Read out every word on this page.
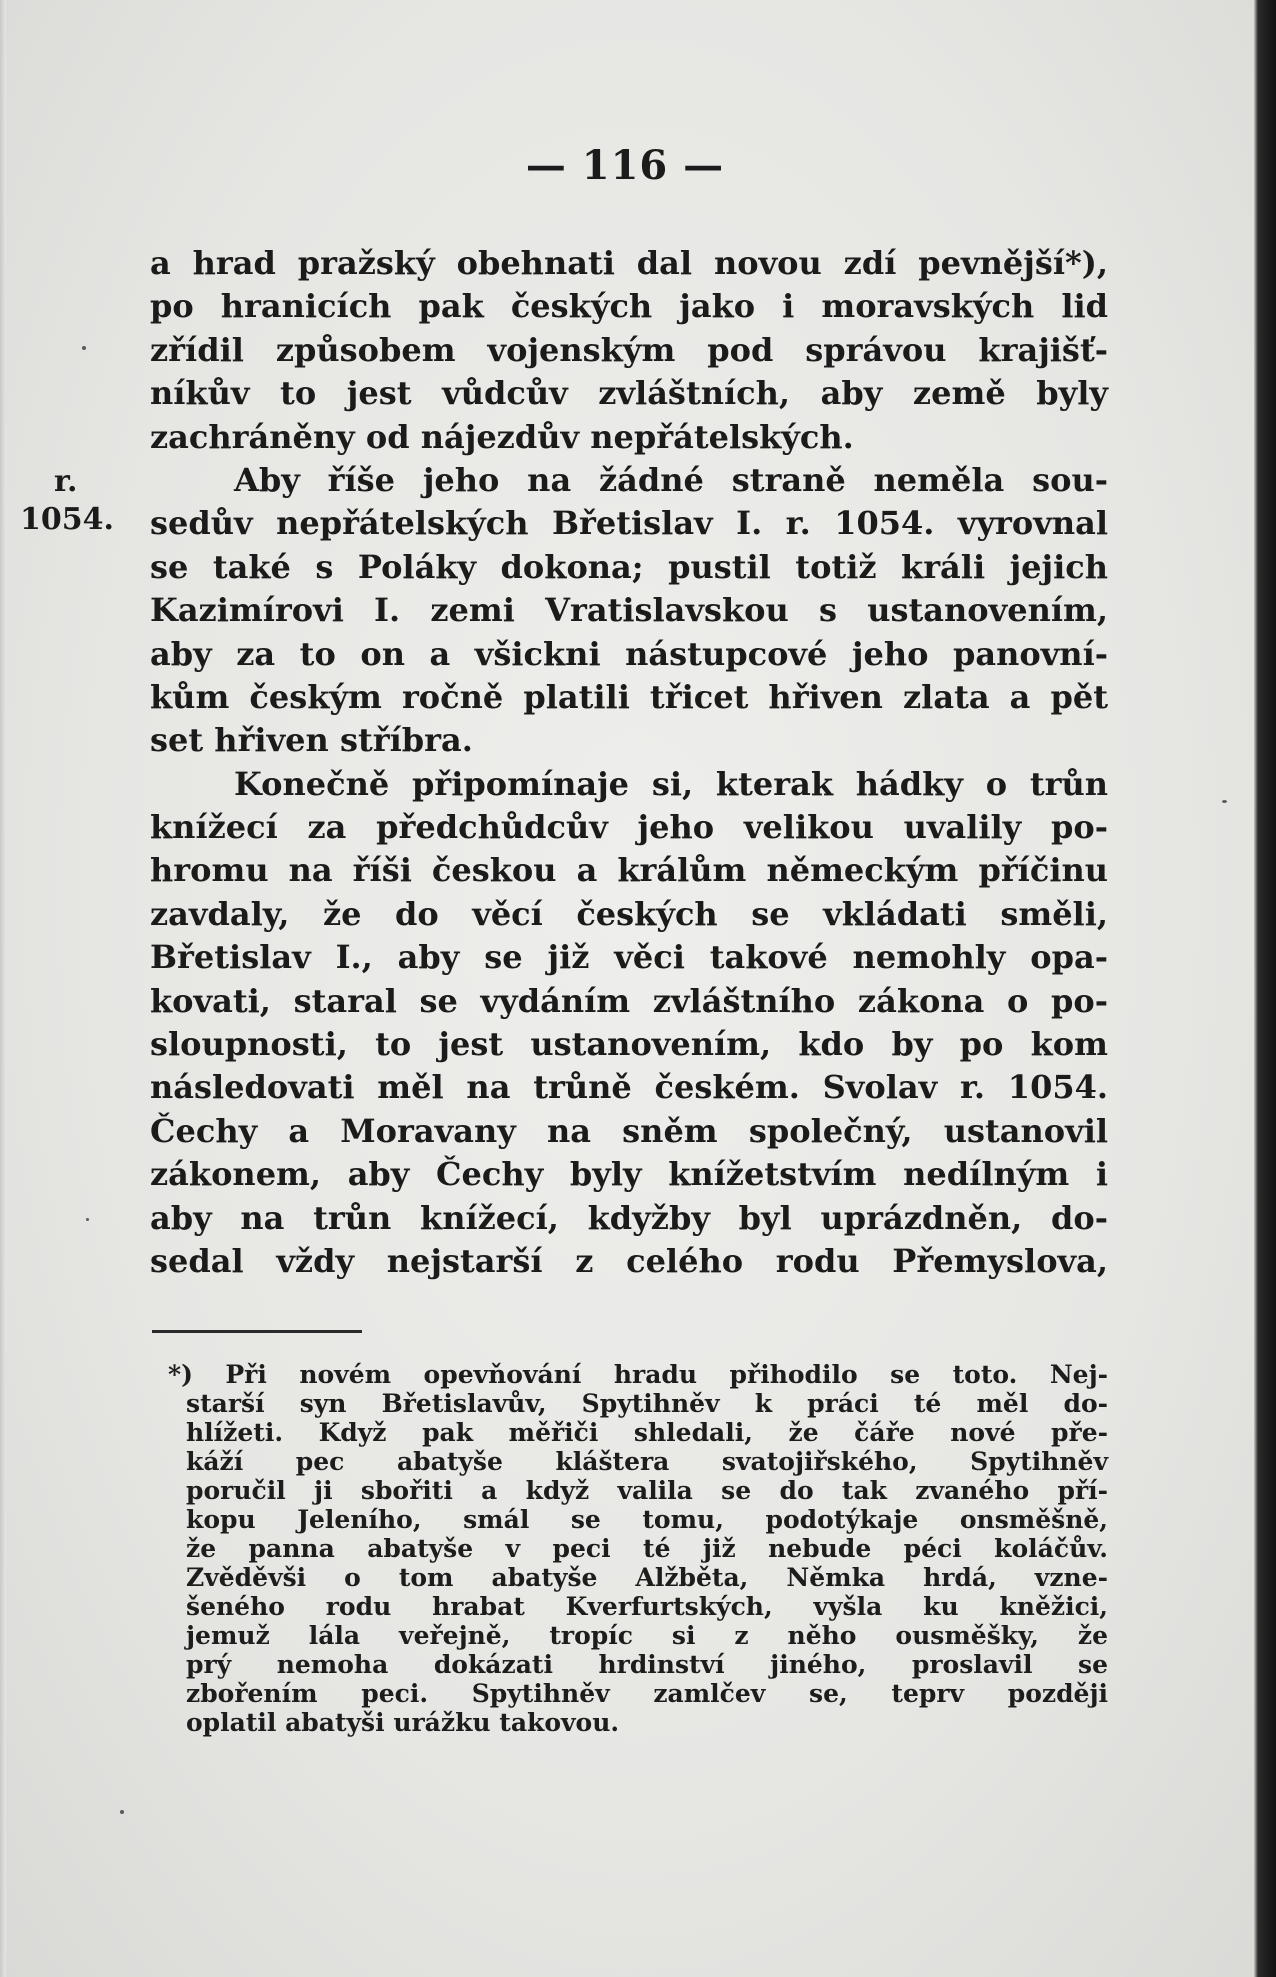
— 116 —
r.
1054.
a hrad pražský obehnati dal novou zdí pevnější*),
po hranicích pak českých jako i moravských lid
zřídil způsobem vojenským pod správou krajišť-
níkův to jest vůdcův zvláštních, aby země byly
zachráněny od nájezdův nepřátelských.
Aby říše jeho na žádné straně neměla sou-
sedův nepřátelských Břetislav I. r. 1054. vyrovnal
se také s Poláky dokona; pustil totiž králi jejich
Kazimírovi I. zemi Vratislavskou s ustanovením,
aby za to on a všickni nástupcové jeho panovní-
kům českým ročně platili třicet hřiven zlata a pět
set hřiven stříbra.
Konečně připomínaje si, kterak hádky o trůn
knížecí za předchůdcův jeho velikou uvalily po-
hromu na říši českou a králům německým příčinu
zavdaly, že do věcí českých se vkládati směli,
Břetislav I., aby se již věci takové nemohly opa-
kovati, staral se vydáním zvláštního zákona o po-
sloupnosti, to jest ustanovením, kdo by po kom
následovati měl na trůně českém. Svolav r. 1054.
Čechy a Moravany na sněm společný, ustanovil
zákonem, aby Čechy byly knížetstvím nedílným i
aby na trůn knížecí, kdyžby byl uprázdněn, do-
sedal vždy nejstarší z celého rodu Přemyslova,
*) Při novém opevňování hradu přihodilo se toto. Nej-
starší syn Břetislavův, Spytihněv k práci té měl do-
hlížeti. Když pak měřiči shledali, že čáře nové pře-
káží pec abatyše kláštera svatojiřského, Spytihněv
poručil ji sbořiti a když valila se do tak zvaného pří-
kopu Jeleního, smál se tomu, podotýkaje onsměšně,
že panna abatyše v peci té již nebude péci koláčův.
Zvěděvši o tom abatyše Alžběta, Němka hrdá, vzne-
šeného rodu hrabat Kverfurtských, vyšla ku kněžici,
jemuž lála veřejně, tropíc si z něho ousměšky, že
prý nemoha dokázati hrdinství jiného, proslavil se
zbořením peci. Spytihněv zamlčev se, teprv později
oplatil abatyši urážku takovou.
